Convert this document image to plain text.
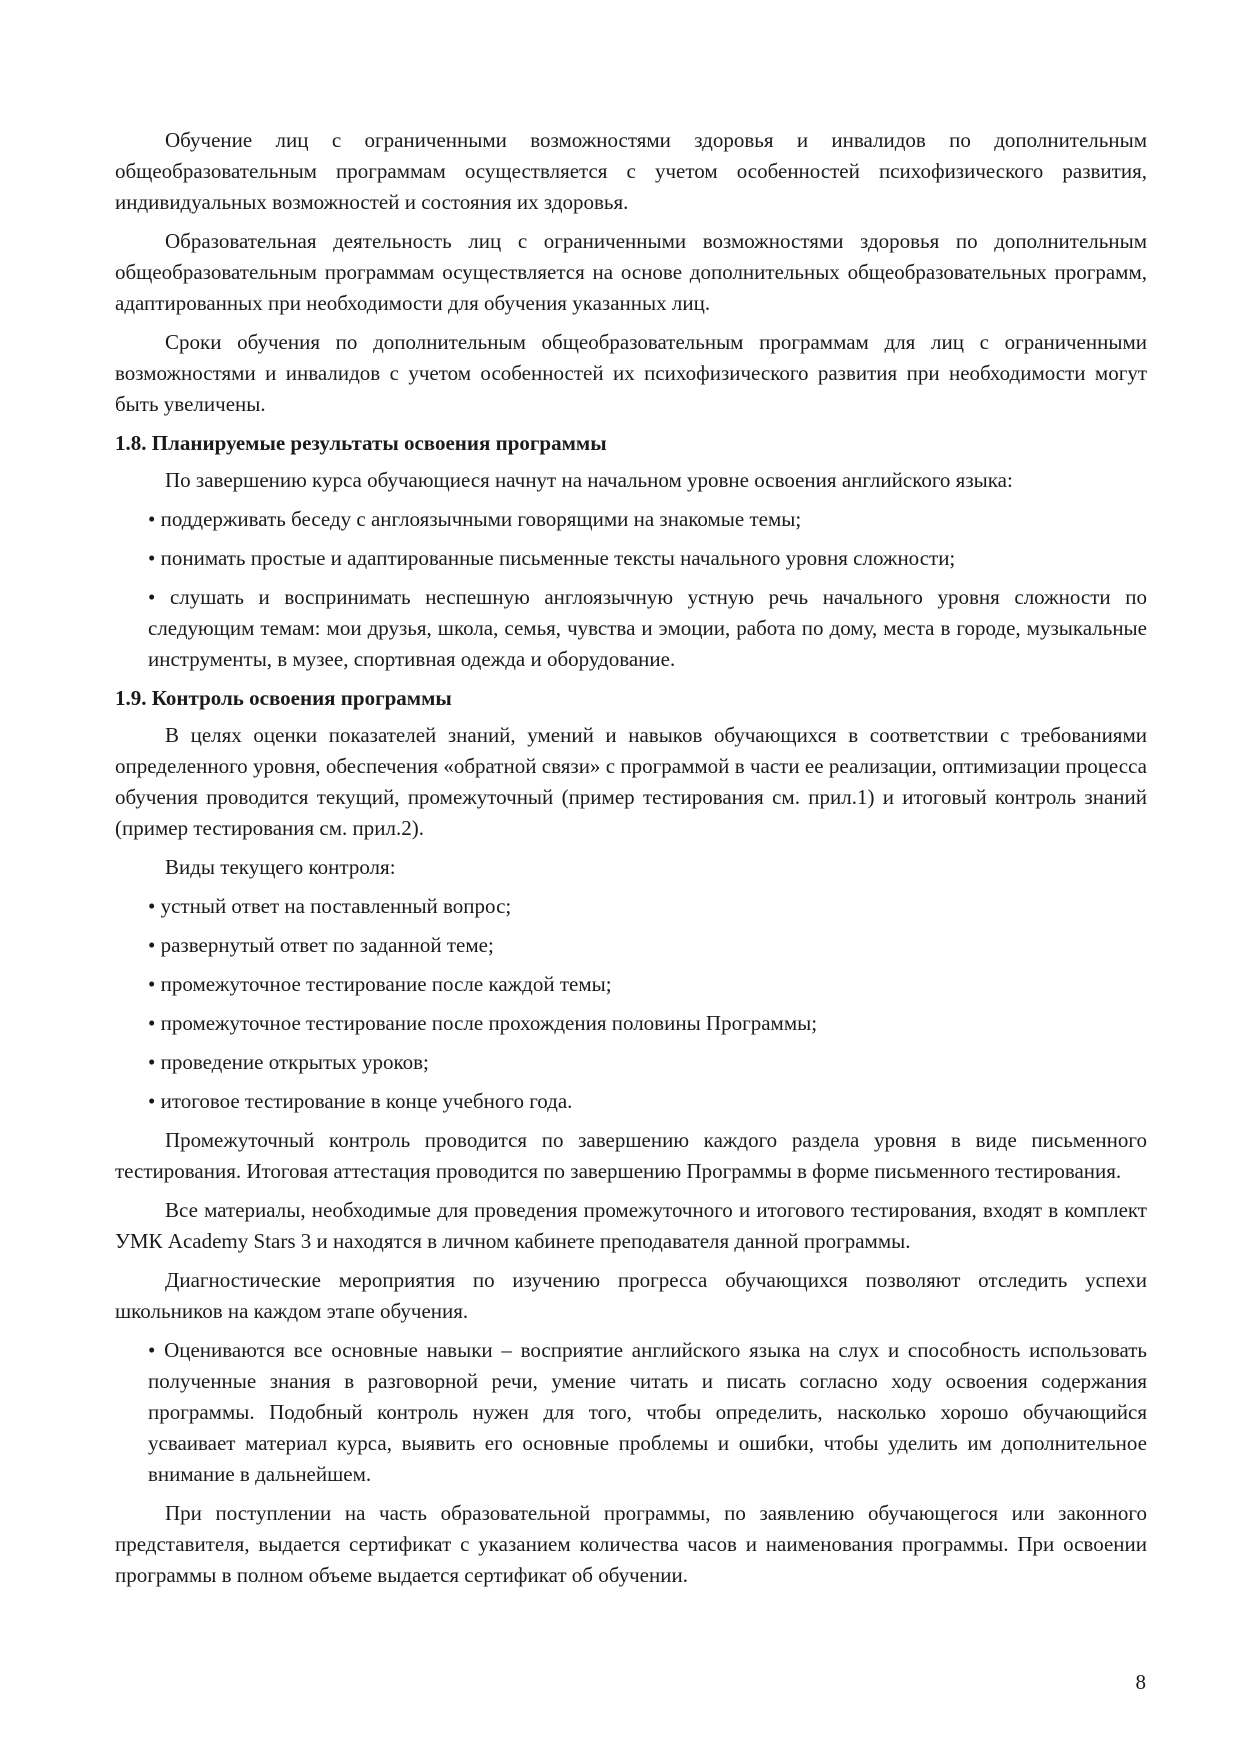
Обучение лиц с ограниченными возможностями здоровья и инвалидов по дополнительным общеобразовательным программам осуществляется с учетом особенностей психофизического развития, индивидуальных возможностей и состояния их здоровья.

Образовательная деятельность лиц с ограниченными возможностями здоровья по дополнительным общеобразовательным программам осуществляется на основе дополнительных общеобразовательных программ, адаптированных при необходимости для обучения указанных лиц.

Сроки обучения по дополнительным общеобразовательным программам для лиц с ограниченными возможностями и инвалидов с учетом особенностей их психофизического развития при необходимости могут быть увеличены.

1.8. Планируемые результаты освоения программы

По завершению курса обучающиеся начнут на начальном уровне освоения английского языка:

• поддерживать беседу с англоязычными говорящими на знакомые темы;

• понимать простые и адаптированные письменные тексты начального уровня сложности;

• слушать и воспринимать неспешную англоязычную устную речь начального уровня сложности по следующим темам: мои друзья, школа, семья, чувства и эмоции, работа по дому, места в городе, музыкальные инструменты, в музее, спортивная одежда и оборудование.

1.9. Контроль освоения программы

В целях оценки показателей знаний, умений и навыков обучающихся в соответствии с требованиями определенного уровня, обеспечения «обратной связи» с программой в части ее реализации, оптимизации процесса обучения проводится текущий, промежуточный (пример тестирования см. прил.1) и итоговый контроль знаний (пример тестирования см. прил.2).

Виды текущего контроля:

• устный ответ на поставленный вопрос;

• развернутый ответ по заданной теме;

• промежуточное тестирование после каждой темы;

• промежуточное тестирование после прохождения половины Программы;

• проведение открытых уроков;

• итоговое тестирование в конце учебного года.

Промежуточный контроль проводится по завершению каждого раздела уровня в виде письменного тестирования. Итоговая аттестация проводится по завершению Программы в форме письменного тестирования.

Все материалы, необходимые для проведения промежуточного и итогового тестирования, входят в комплект УМК Academy Stars 3 и находятся в личном кабинете преподавателя данной программы.

Диагностические мероприятия по изучению прогресса обучающихся позволяют отследить успехи школьников на каждом этапе обучения.

• Оцениваются все основные навыки – восприятие английского языка на слух и способность использовать полученные знания в разговорной речи, умение читать и писать согласно ходу освоения содержания программы. Подобный контроль нужен для того, чтобы определить, насколько хорошо обучающийся усваивает материал курса, выявить его основные проблемы и ошибки, чтобы уделить им дополнительное внимание в дальнейшем.

При поступлении на часть образовательной программы, по заявлению обучающегося или законного представителя, выдается сертификат с указанием количества часов и наименования программы. При освоении программы в полном объеме выдается сертификат об обучении.

8
